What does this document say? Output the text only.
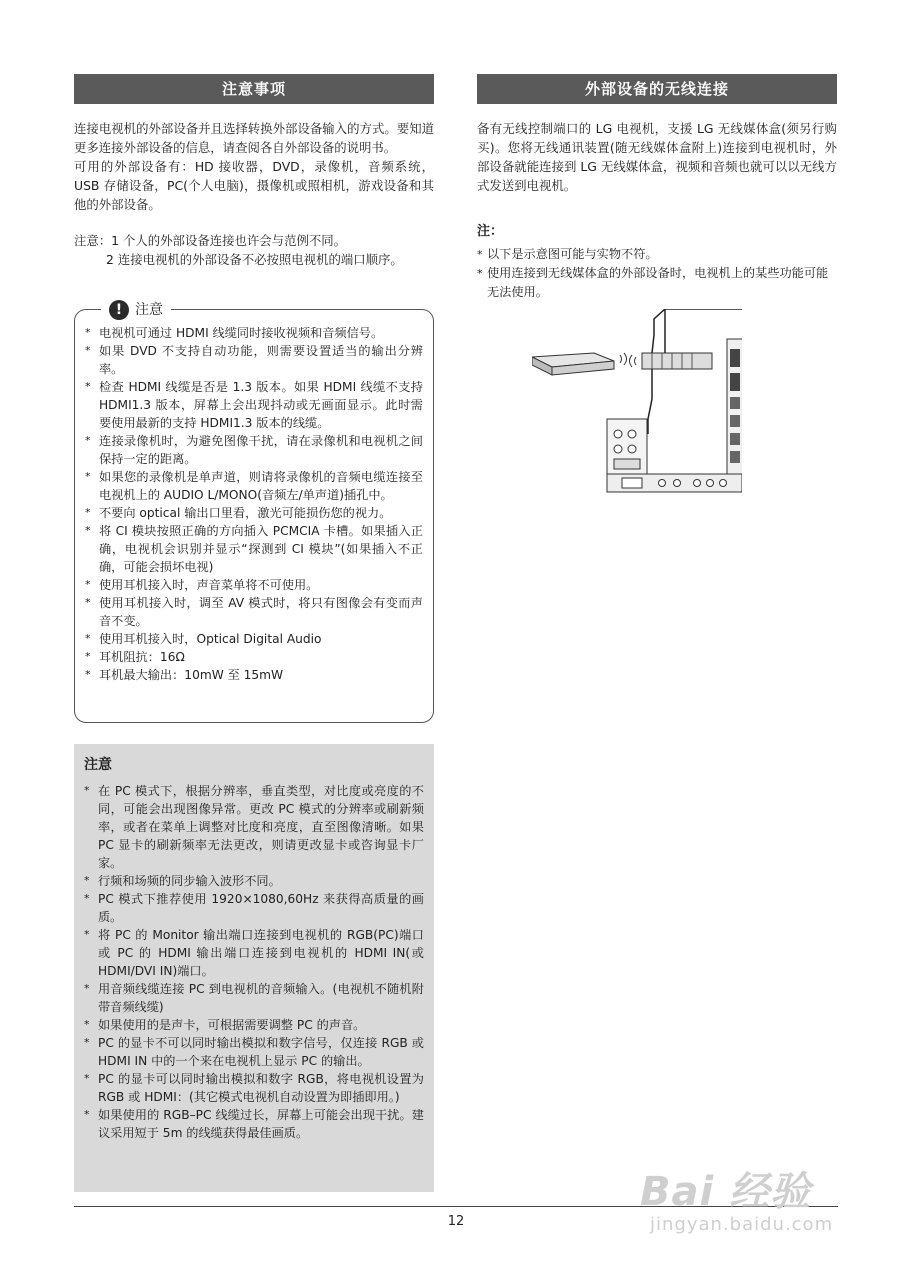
注意事项

连接电视机的外部设备并且选择转换外部设备输入的方式。要知道更多连接外部设备的信息，请查阅各自外部设备的说明书。

可用的外部设备有：HD 接收器，DVD，录像机，音频系统，USB 存储设备，PC(个人电脑)，摄像机或照相机，游戏设备和其他的外部设备。

注意：1 个人的外部设备连接也许会与范例不同。
2 连接电视机的外部设备不必按照电视机的端口顺序。
! 注意
* 电视机可通过 HDMI 线缆同时接收视频和音频信号。
* 如果 DVD 不支持自动功能，则需要设置适当的输出分辨率。
* 检查 HDMI 线缆是否是 1.3 版本。如果 HDMI 线缆不支持 HDMI1.3 版本，屏幕上会出现抖动或无画面显示。此时需要使用最新的支持 HDMI1.3 版本的线缆。
* 连接录像机时，为避免图像干扰，请在录像机和电视机之间保持一定的距离。
* 如果您的录像机是单声道，则请将录像机的音频电缆连接至电视机上的 AUDIO L/MONO(音频左/单声道)插孔中。
* 不要向 optical 输出口里看，激光可能损伤您的视力。
* 将 CI 模块按照正确的方向插入 PCMCIA 卡槽。如果插入正确，电视机会识别并显示“探测到 CI 模块”(如果插入不正确，可能会损坏电视)
* 使用耳机接入时，声音菜单将不可使用。
* 使用耳机接入时，调至 AV 模式时，将只有图像会有变而声音不变。
* 使用耳机接入时，Optical Digital Audio
* 耳机阻抗：16Ω
* 耳机最大输出：10mW 至 15mW
注意
* 在 PC 模式下，根据分辨率，垂直类型，对比度或亮度的不同，可能会出现图像异常。更改 PC 模式的分辨率或刷新频率，或者在菜单上调整对比度和亮度，直至图像清晰。如果 PC 显卡的刷新频率无法更改，则请更改显卡或咨询显卡厂家。
* 行频和场频的同步输入波形不同。
* PC 模式下推荐使用 1920×1080,60Hz 来获得高质量的画质。
* 将 PC 的 Monitor 输出端口连接到电视机的 RGB(PC)端口或 PC 的 HDMI 输出端口连接到电视机的 HDMI IN(或 HDMI/DVI IN)端口。
* 用音频线缆连接 PC 到电视机的音频输入。(电视机不随机附带音频线缆)
* 如果使用的是声卡，可根据需要调整 PC 的声音。
* PC 的显卡不可以同时输出模拟和数字信号，仅连接 RGB 或 HDMI IN 中的一个来在电视机上显示 PC 的输出。
* PC 的显卡可以同时输出模拟和数字 RGB，将电视机设置为 RGB 或 HDMI：(其它模式电视机自动设置为即插即用。)
* 如果使用的 RGB–PC 线缆过长，屏幕上可能会出现干扰。建议采用短于 5m 的线缆获得最佳画质。
外部设备的无线连接

备有无线控制端口的 LG 电视机，支援 LG 无线媒体盒(须另行购买)。您将无线通讯装置(随无线媒体盒附上)连接到电视机时，外部设备就能连接到 LG 无线媒体盒，视频和音频也就可以以无线方式发送到电视机。

注：
* 以下是示意图可能与实物不符。
* 使用连接到无线媒体盒的外部设备时，电视机上的某些功能可能无法使用。
12
Bai 经验
jingyan.baidu.com
